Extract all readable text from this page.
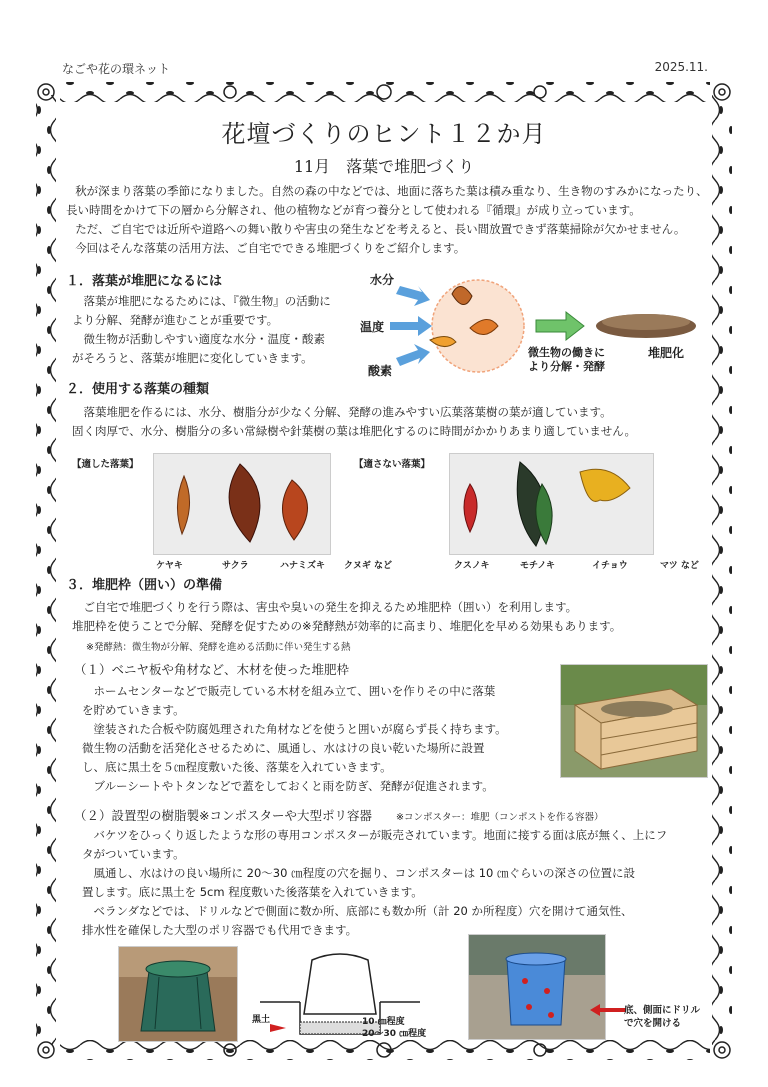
なごや花の環ネット	2025.11.
花壇づくりのヒント１２か月
11月　落葉で堆肥づくり
秋が深まり落葉の季節になりました。自然の森の中などでは、地面に落ちた葉は積み重なり、生き物のすみかになったり、
長い時間をかけて下の層から分解され、他の植物などが育つ養分として使われる『循環』が成り立っています。
ただ、ご自宅では近所や道路への舞い散りや害虫の発生などを考えると、長い間放置できず落葉掃除が欠かせません。
今回はそんな落葉の活用方法、ご自宅でできる堆肥づくりをご紹介します。
１．落葉が堆肥になるには
落葉が堆肥になるためには、『微生物』の活動に
より分解、発酵が進むことが重要です。
微生物が活動しやすい適度な水分・温度・酸素
がそろうと、落葉が堆肥に変化していきます。
水分
温度
酸素
微生物の働きに
より分解・発酵
堆肥化
２．使用する落葉の種類
落葉堆肥を作るには、水分、樹脂分が少なく分解、発酵の進みやすい広葉落葉樹の葉が適しています。
固く肉厚で、水分、樹脂分の多い常緑樹や針葉樹の葉は堆肥化するのに時間がかかりあまり適していません。
【適した落葉】
ケヤキ	サクラ	ハナミズキ クヌギ など
【適さない落葉】
クスノキ	モチノキ	イチョウ	マツ など
３．堆肥枠（囲い）の準備
ご自宅で堆肥づくりを行う際は、害虫や臭いの発生を抑えるため堆肥枠（囲い）を利用します。
堆肥枠を使うことで分解、発酵を促すための※発酵熱が効率的に高まり、堆肥化を早める効果もあります。
※発酵熱：微生物が分解、発酵を進める活動に伴い発生する熱
（１）ベニヤ板や角材など、木材を使った堆肥枠
ホームセンターなどで販売している木材を組み立て、囲いを作りその中に落葉
を貯めていきます。
塗装された合板や防腐処理された角材などを使うと囲いが腐らず長く持ちます。
微生物の活動を活発化させるために、風通し、水はけの良い乾いた場所に設置
し、底に黒土を５㎝程度敷いた後、落葉を入れていきます。
ブルーシートやトタンなどで蓋をしておくと雨を防ぎ、発酵が促進されます。
（２）設置型の樹脂製※コンポスターや大型ポリ容器	※コンポスター：堆肥（コンポストを作る容器）
バケツをひっくり返したような形の専用コンポスターが販売されています。地面に接する面は底が無く、上にフ
タがついています。
風通し、水はけの良い場所に 20～30 ㎝程度の穴を掘り、コンポスターは 10 ㎝ぐらいの深さの位置に設
置します。底に黒土を 5cm 程度敷いた後落葉を入れていきます。
ベランダなどでは、ドリルなどで側面に数か所、底部にも数か所（計 20 か所程度）穴を開けて通気性、
排水性を確保した大型のポリ容器でも代用できます。
黒土	10 ㎝程度
20～30 ㎝程度
底、側面にドリル
で穴を開ける
